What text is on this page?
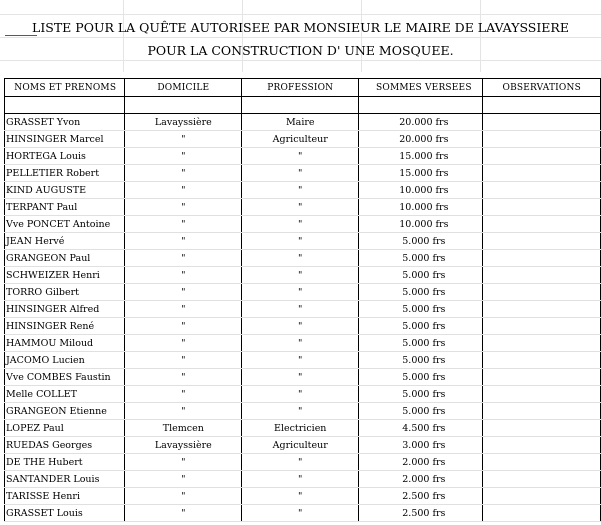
LISTE POUR LA QUÊTE AUTORISEE PAR MONSIEUR LE MAIRE DE LAVAYSSIERE
POUR LA CONSTRUCTION D' UNE MOSQUEE.
NOMS ET PRENOMS	DOMICILE	PROFESSION	SOMMES VERSEES	OBSERVATIONS

GRASSET Yvon	Lavayssière	Maire	20.000 frs	
HINSINGER Marcel	"	Agriculteur	20.000 frs	
HORTEGA Louis	"	"	15.000 frs	
PELLETIER Robert	"	"	15.000 frs	
KIND AUGUSTE	"	"	10.000 frs	
TERPANT Paul	"	"	10.000 frs	
Vve PONCET Antoine	"	"	10.000 frs	
JEAN Hervé	"	"	5.000 frs	
GRANGEON Paul	"	"	5.000 frs	
SCHWEIZER Henri	"	"	5.000 frs	
TORRO Gilbert	"	"	5.000 frs	
HINSINGER Alfred	"	"	5.000 frs	
HINSINGER René	"	"	5.000 frs	
HAMMOU Miloud	"	"	5.000 frs	
JACOMO Lucien	"	"	5.000 frs	
Vve COMBES Faustin	"	"	5.000 frs	
Melle COLLET	"	"	5.000 frs	
GRANGEON Etienne	"	"	5.000 frs	
LOPEZ Paul	Tlemcen	Electricien	4.500 frs	
RUEDAS Georges	Lavayssière	Agriculteur	3.000 frs	
DE THE Hubert	"	"	2.000 frs	
SANTANDER Louis	"	"	2.000 frs	
TARISSE Henri	"	"	2.500 frs	
GRASSET Louis	"	"	2.500 frs	
